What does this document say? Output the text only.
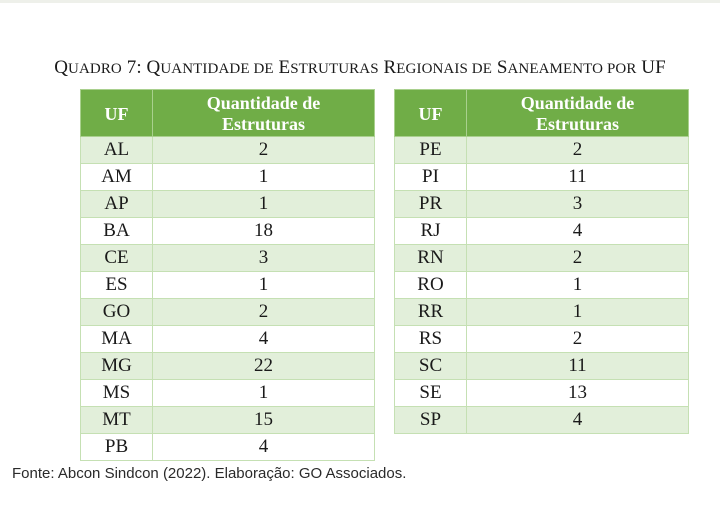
QUADRO 7: QUANTIDADE DE ESTRUTURAS REGIONAIS DE SANEAMENTO POR UF
UF	Quantidade de
Estruturas
AL	2
AM	1
AP	1
BA	18
CE	3
ES	1
GO	2
MA	4
MG	22
MS	1
MT	15
PB	4
UF	Quantidade de
Estruturas
PE	2
PI	11
PR	3
RJ	4
RN	2
RO	1
RR	1
RS	2
SC	11
SE	13
SP	4
Fonte: Abcon Sindcon (2022). Elaboração: GO Associados.
